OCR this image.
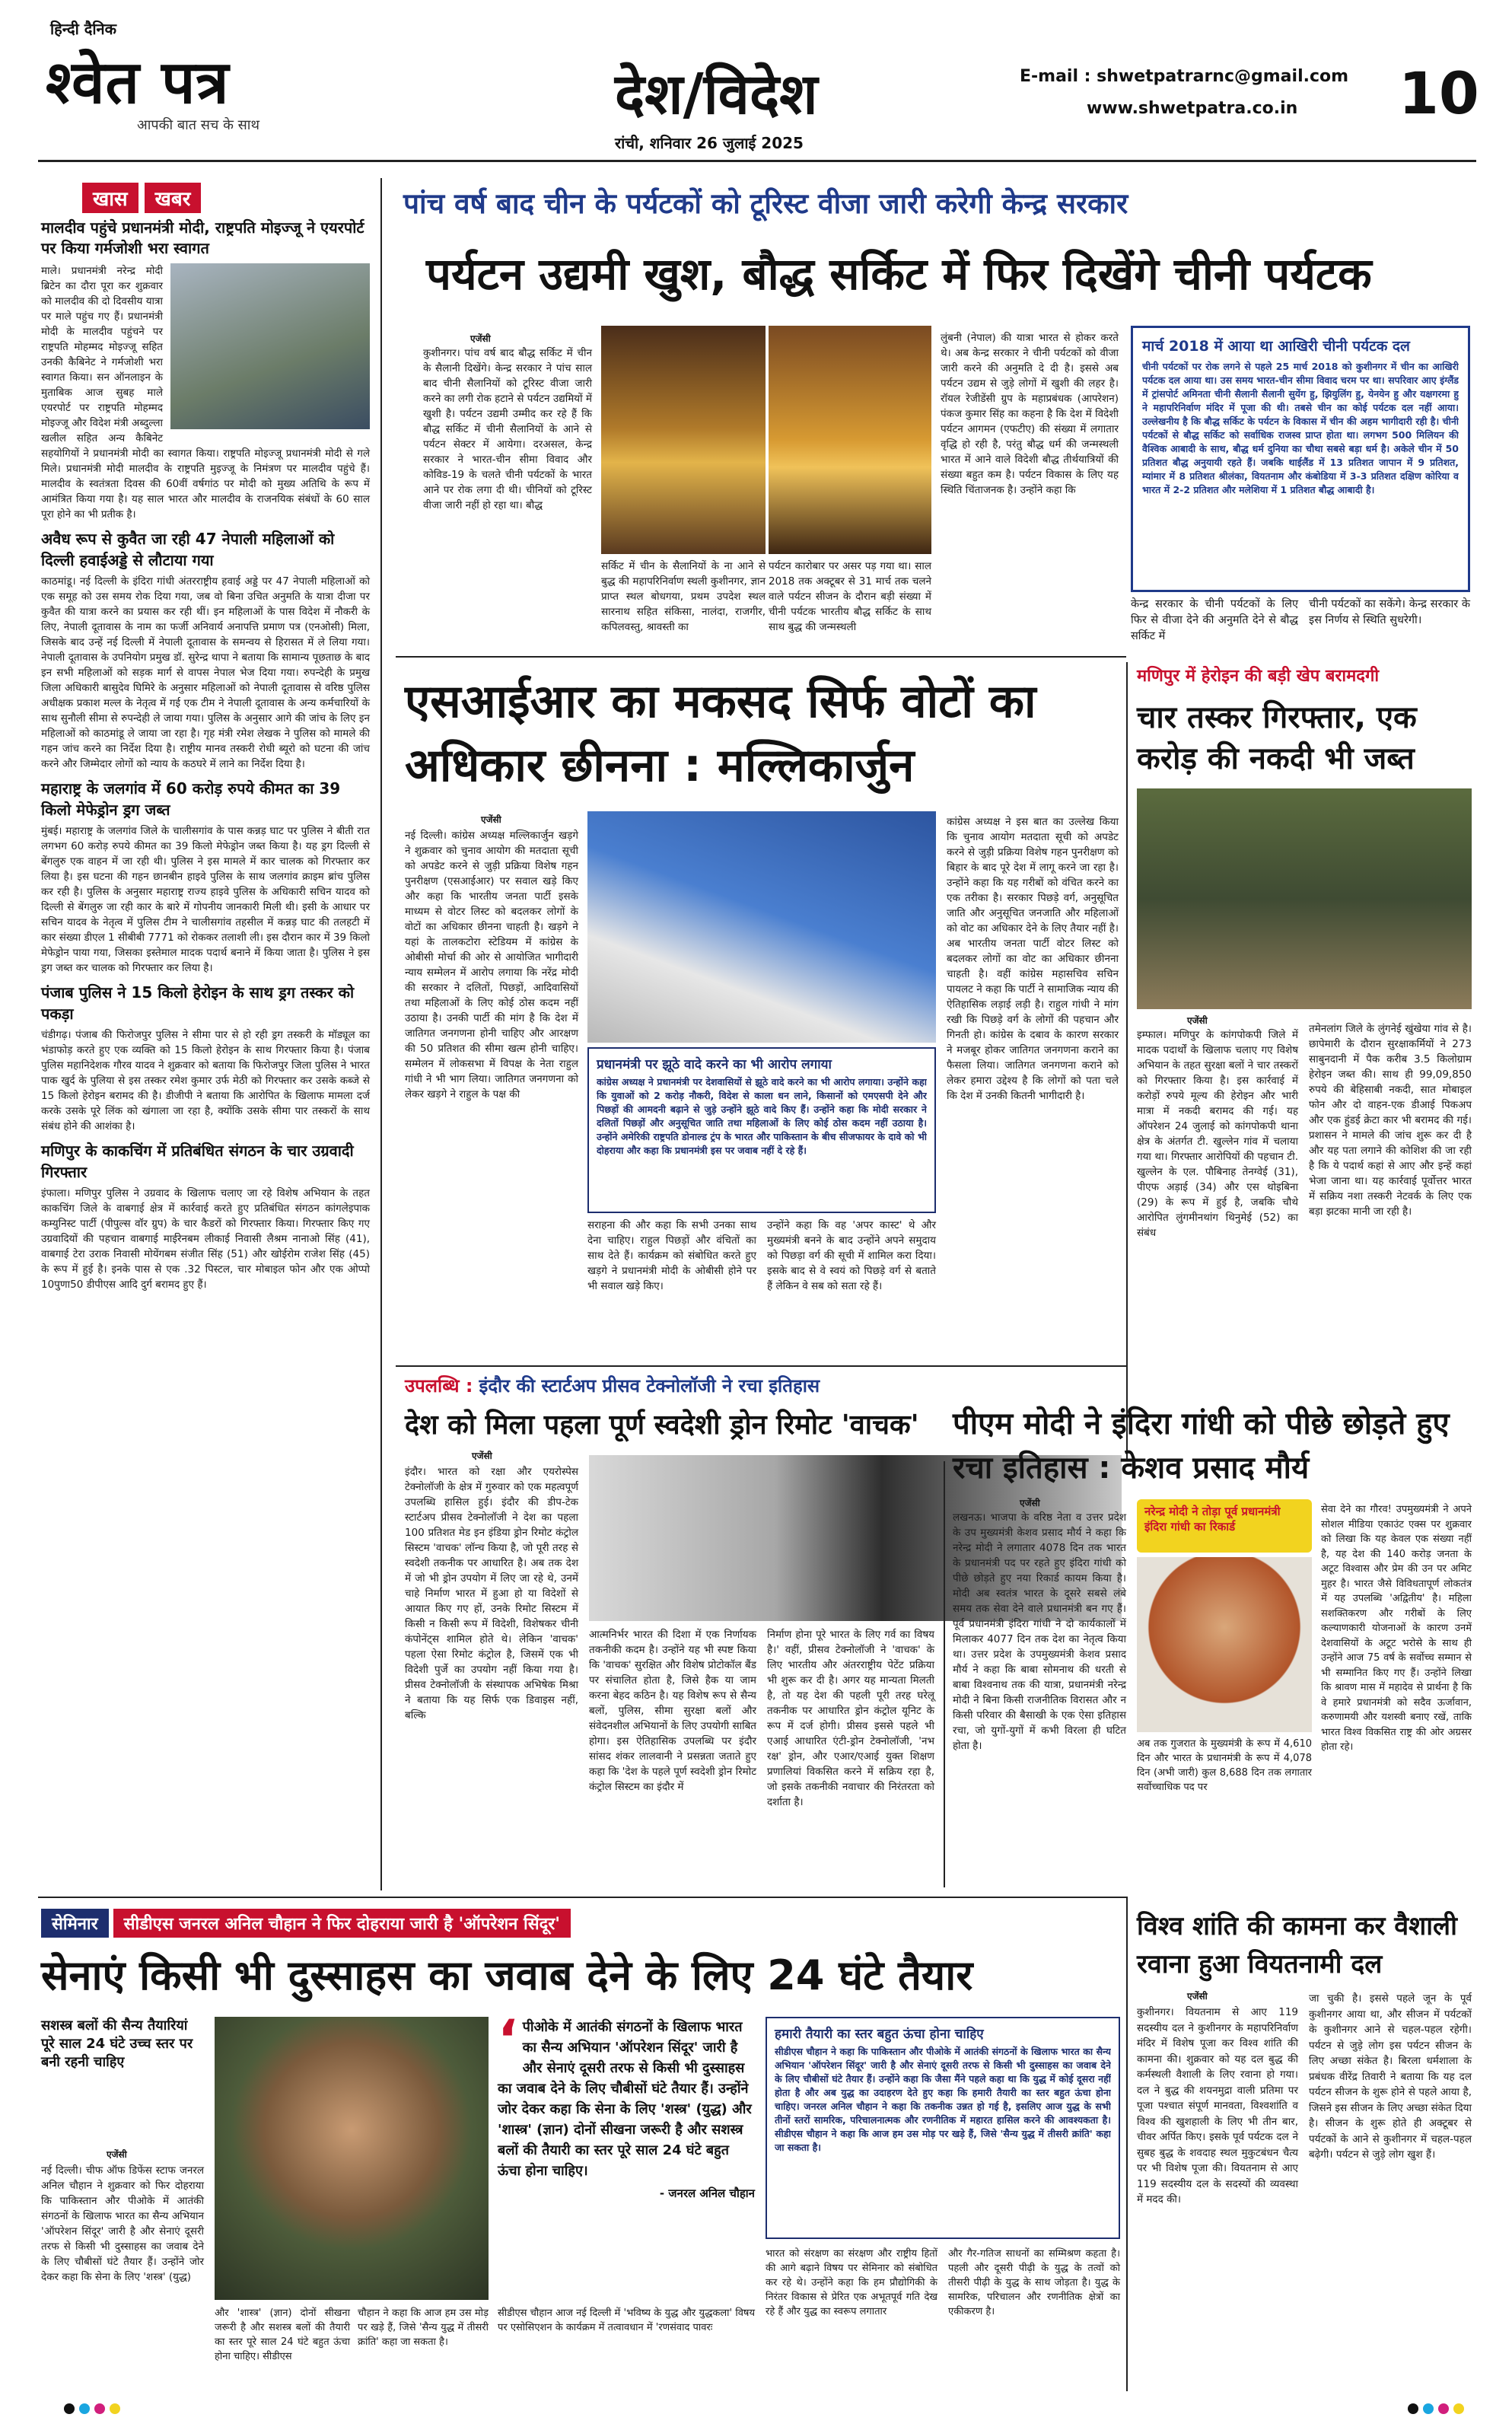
हिन्दी दैनिक
श्वेत पत्र
आपकी बात सच के साथ	देश/विदेश
रांची, शनिवार 26 जुलाई 2025
E-mail : shwetpatrarnc@gmail.com
www.shwetpatra.co.in 10
खास	खबर
मालदीव पहुंचे प्रधानमंत्री मोदी, राष्ट्रपति मोइज्जू ने एयरपोर्ट पर किया गर्मजोशी भरा स्वागत
माले। प्रधानमंत्री नरेन्द्र मोदी ब्रिटेन का दौरा पूरा कर शुक्रवार को मालदीव की दो दिवसीय यात्रा पर माले पहुंच गए हैं। प्रधानमंत्री मोदी के मालदीव पहुंचने पर राष्ट्रपति मोहम्मद मोइज्जू सहित उनकी कैबिनेट ने गर्मजोशी भरा स्वागत किया। सन ऑनलाइन के मुताबिक आज सुबह माले एयरपोर्ट पर राष्ट्रपति मोहम्मद मोइज्जू और विदेश मंत्री अब्दुल्ला खलील सहित अन्य कैबिनेट सहयोगियों ने प्रधानमंत्री मोदी का स्वागत किया। राष्ट्रपति मोइज्जू प्रधानमंत्री मोदी से गले मिले। प्रधानमंत्री मोदी मालदीव के राष्ट्रपति मुइज्जू के निमंत्रण पर मालदीव पहुंचे हैं। मालदीव के स्वतंत्रता दिवस की 60वीं वर्षगांठ पर मोदी को मुख्य अतिथि के रूप में आमंत्रित किया गया है। यह साल भारत और मालदीव के राजनयिक संबंधों के 60 साल पूरा होने का भी प्रतीक है।
अवैध रूप से कुवैत जा रही 47 नेपाली महिलाओं को दिल्ली हवाईअड्डे से लौटाया गया
काठमांडू। नई दिल्ली के इंदिरा गांधी अंतरराष्ट्रीय हवाई अड्डे पर 47 नेपाली महिलाओं को एक समूह को उस समय रोक दिया गया, जब वो बिना उचित अनुमति के यात्रा दीजा पर कुवैत की यात्रा करने का प्रयास कर रही थीं। इन महिलाओं के पास विदेश में नौकरी के लिए, नेपाली दूतावास के नाम का फर्जी अनिवार्य अनापत्ति प्रमाण पत्र (एनओसी) मिला, जिसके बाद उन्हें नई दिल्ली में नेपाली दूतावास के समन्वय से हिरासत में ले लिया गया। नेपाली दूतावास के उपनियोग प्रमुख डॉ. सुरेन्द्र थापा ने बताया कि सामान्य पूछताछ के बाद इन सभी महिलाओं को सड़क मार्ग से वापस नेपाल भेज दिया गया। रुपन्देही के प्रमुख जिला अधिकारी बासुदेव घिमिरे के अनुसार महिलाओं को नेपाली दूतावास से वरिष्ठ पुलिस अधीक्षक प्रकाश मल्ल के नेतृत्व में गई एक टीम ने नेपाली दूतावास के अन्य कर्मचारियों के साथ सुनौली सीमा से रुपन्देही ले जाया गया। पुलिस के अनुसार आगे की जांच के लिए इन महिलाओं को काठमांडू ले जाया जा रहा है। गृह मंत्री रमेश लेखक ने पुलिस को मामले की गहन जांच करने का निर्देश दिया है। राष्ट्रीय मानव तस्करी रोधी ब्यूरो को घटना की जांच करने और जिम्मेदार लोगों को न्याय के कठघरे में लाने का निर्देश दिया है।
महाराष्ट्र के जलगांव में 60 करोड़ रुपये कीमत का 39 किलो मेफेड्रोन ड्रग जब्त
मुंबई। महाराष्ट्र के जलगांव जिले के चालीसगांव के पास कन्नड़ घाट पर पुलिस ने बीती रात लगभग 60 करोड़ रुपये कीमत का 39 किलो मेफेड्रोन जब्त किया है। यह ड्रग दिल्ली से बेंगलुरु एक वाहन में जा रही थी। पुलिस ने इस मामले में कार चालक को गिरफ्तार कर लिया है। इस घटना की गहन छानबीन हाइवे पुलिस के साथ जलगांव क्राइम ब्रांच पुलिस कर रही है। पुलिस के अनुसार महाराष्ट्र राज्य हाइवे पुलिस के अधिकारी सचिन यादव को दिल्ली से बेंगलुरु जा रही कार के बारे में गोपनीय जानकारी मिली थी। इसी के आधार पर सचिन यादव के नेतृत्व में पुलिस टीम ने चालीसगांव तहसील में कन्नड़ घाट की तलहटी में कार संख्या डीएल 1 सीबीबी 7771 को रोककर तलाशी ली। इस दौरान कार में 39 किलो मेफेड्रोन पाया गया, जिसका इस्तेमाल मादक पदार्थ बनाने में किया जाता है। पुलिस ने इस ड्रग जब्त कर चालक को गिरफ्तार कर लिया है।
पंजाब पुलिस ने 15 किलो हेरोइन के साथ ड्रग तस्कर को पकड़ा
चंडीगढ़। पंजाब की फिरोजपुर पुलिस ने सीमा पार से हो रही ड्रग तस्करी के मॉड्यूल का भंडाफोड़ करते हुए एक व्यक्ति को 15 किलो हेरोइन के साथ गिरफ्तार किया है। पंजाब पुलिस महानिदेशक गौरव यादव ने शुक्रवार को बताया कि फिरोजपुर जिला पुलिस ने भारत पाक खुर्द के पुलिया से इस तस्कर रमेश कुमार उर्फ मेठी को गिरफ्तार कर उसके कब्जे से 15 किलो हेरोइन बरामद की है। डीजीपी ने बताया कि आरोपित के खिलाफ मामला दर्ज करके उसके पूरे लिंक को खंगाला जा रहा है, क्योंकि उसके सीमा पार तस्करों के साथ संबंध होने की आशंका है।
मणिपुर के काकचिंग में प्रतिबंधित संगठन के चार उग्रवादी गिरफ्तार
इंफाला। मणिपुर पुलिस ने उग्रवाद के खिलाफ चलाए जा रहे विशेष अभियान के तहत काकचिंग जिले के वाबगाई क्षेत्र में कार्रवाई करते हुए प्रतिबंधित संगठन कांगलेइपाक कम्युनिस्ट पार्टी (पीपुल्स वॉर ग्रुप) के चार कैडरों को गिरफ्तार किया। गिरफ्तार किए गए उग्रवादियों की पहचान वाबगाई माईरेनबम लीकाई निवासी लैश्रम नानाओ सिंह (41), वाबगाई टेरा उराक निवासी मोयेंगबम संजीत सिंह (51) और खोईरोम राजेश सिंह (45) के रूप में हुई है। इनके पास से एक .32 पिस्टल, चार मोबाइल फोन और एक ओप्पो 10पुणा50 डीपीएस आदि दुर्ग बरामद हुए हैं।
पांच वर्ष बाद चीन के पर्यटकों को टूरिस्ट वीजा जारी करेगी केन्द्र सरकार
पर्यटन उद्यमी खुश, बौद्ध सर्किट में फिर दिखेंगे चीनी पर्यटक
सर्किट में चीन के सैलानियों के ना आने से बुद्ध की महापरिनिर्वाण स्थली कुशीनगर, ज्ञान प्राप्त स्थल बोधगया, प्रथम उपदेश स्थल सारनाथ सहित संकिसा, नालंदा, राजगीर, कपिलवस्तु, श्रावस्ती का
एजेंसी
पर्यटन कारोबार पर असर पड़ गया था। साल 2018 तक अक्टूबर से 31 मार्च तक चलने वाले पर्यटन सीजन के दौरान बड़ी संख्या में चीनी पर्यटक भारतीय बौद्ध सर्किट के साथ साथ बुद्ध की जन्मस्थली
लुंबनी (नेपाल) की यात्रा भारत से होकर करते थे। अब केन्द्र सरकार ने चीनी पर्यटकों को वीजा जारी करने की अनुमति दे दी है। इससे अब पर्यटन उद्यम से जुड़े लोगों में खुशी की लहर है। रॉयल रेजीडेंसी ग्रुप के महाप्रबंधक (आपरेशन) पंकज कुमार सिंह का कहना है कि देश में विदेशी पर्यटन आगमन (एफटीए) की संख्या में लगातार वृद्धि हो रही है, परंतु बौद्ध धर्म की जन्मस्थली भारत में आने वाले विदेशी बौद्ध तीर्थयात्रियों की संख्या बहुत कम है। पर्यटन विकास के लिए यह स्थिति चिंताजनक है। उन्होंने कहा कि
मार्च 2018 में आया था आखिरी चीनी पर्यटक दल
चीनी पर्यटकों पर रोक लगने से पहले 25 मार्च 2018 को कुशीनगर में चीन का आखिरी पर्यटक दल आया था। उस समय भारत-चीन सीमा विवाद चरम पर था। सपरिवार आए इंग्लैंड में ट्रांसपोर्ट अमिनता चीनी सैलानी सैलानी सुयेंग हु, झियुलिंग हु, येनयेन हु और यक्षगरमा हु ने महापरिनिर्वाण मंदिर में पूजा की थी। तबसे चीन का कोई पर्यटक दल नहीं आया। उल्लेखनीय है कि बौद्ध सर्किट के पर्यटन के विकास में चीन की अहम भागीदारी रही है। चीनी पर्यटकों से बौद्ध सर्किट को सर्वाधिक राजस्व प्राप्त होता था। लगभग 500 मिलियन की वैश्विक आबादी के साथ, बौद्ध धर्म दुनिया का चौथा सबसे बड़ा धर्म है। अकेले चीन में 50 प्रतिशत बौद्ध अनुयायी रहते हैं। जबकि थाईलैंड में 13 प्रतिशत जापान में 9 प्रतिशत, म्यांमार में 8 प्रतिशत श्रीलंका, वियतनाम और कंबोडिया में 3-3 प्रतिशत दक्षिण कोरिया व भारत में 2-2 प्रतिशत और मलेशिया में 1 प्रतिशत बौद्ध आबादी है।
केन्द्र सरकार के चीनी पर्यटकों के लिए फिर से वीजा देने की अनुमति देने से बौद्ध सर्किट में
चीनी पर्यटकों का सकेंगे। केन्द्र सरकार के इस निर्णय से स्थिति सुधरेगी।
मणिपुर में हेरोइन की बड़ी खेप बरामदगी
चार तस्कर गिरफ्तार, एक करोड़ की नकदी भी जब्त
एजेंसी
इम्फाल। मणिपुर के कांगपोकपी जिले में मादक पदार्थों के खिलाफ चलाए गए विशेष अभियान के तहत सुरक्षा बलों ने चार तस्करों को गिरफ्तार किया है। इस कार्रवाई में करोड़ों रुपये मूल्य की हेरोइन और भारी मात्रा में नकदी बरामद की गई। यह ऑपरेशन 24 जुलाई को कांगपोकपी थाना क्षेत्र के अंतर्गत टी. खुल्लेन गांव में चलाया गया था। गिरफ्तार आरोपियों की पहचान टी. खुल्लेन के एल. पौबिनाह तेनग्वेई (31), पीएफ अड़ाई (34) और एस थोइबिना (29) के रूप में हुई है, जबकि चौथे आरोपित लुंगमीनथांग थिनुमेई (52) का संबंध
तमेनलांग जिले के लुंगनेई खुंखेया गांव से है। छापेमारी के दौरान सुरक्षाकर्मियों ने 273 साबुनदानी में पैक करीब 3.5 किलोग्राम हेरोइन जब्त की। साथ ही 99,09,850 रुपये की बेहिसाबी नकदी, सात मोबाइल फोन और दो वाहन-एक डीआई पिकअप और एक हुंडई क्रेटा कार भी बरामद की गई। प्रशासन ने मामले की जांच शुरू कर दी है और यह पता लगाने की कोशिश की जा रही है कि ये पदार्थ कहां से आए और इन्हें कहां भेजा जाना था। यह कार्रवाई पूर्वोत्तर भारत में सक्रिय नशा तस्करी नेटवर्क के लिए एक बड़ा झटका मानी जा रही है।
एसआईआर का मकसद सिर्फ वोटों का अधिकार छीनना : मल्लिकार्जुन
एजेंसी
नई दिल्ली। कांग्रेस अध्यक्ष मल्लिकार्जुन खड़गे ने शुक्रवार को चुनाव आयोग की मतदाता सूची को अपडेट करने से जुड़ी प्रक्रिया विशेष गहन पुनरीक्षण (एसआईआर) पर सवाल खड़े किए और कहा कि भारतीय जनता पार्टी इसके माध्यम से वोटर लिस्ट को बदलकर लोगों के वोटों का अधिकार छीनना चाहती है। खड़गे ने यहां के तालकटोरा स्टेडियम में कांग्रेस के ओबीसी मोर्चा की ओर से आयोजित भागीदारी न्याय सम्मेलन में आरोप लगाया कि नरेंद्र मोदी की सरकार ने दलितों, पिछड़ों, आदिवासियों तथा महिलाओं के लिए कोई ठोस कदम नहीं उठाया है। उनकी पार्टी की मांग है कि देश में जातिगत जनगणना होनी चाहिए और आरक्षण की 50 प्रतिशत की सीमा खत्म होनी चाहिए। सम्मेलन में लोकसभा में विपक्ष के नेता राहुल गांधी ने भी भाग लिया। जातिगत जनगणना को लेकर खड़गे ने राहुल के पक्ष की
प्रधानमंत्री पर झूठे वादे करने का भी आरोप लगाया
कांग्रेस अध्यक्ष ने प्रधानमंत्री पर देशवासियों से झूठे वादे करने का भी आरोप लगाया। उन्होंने कहा कि युवाओं को 2 करोड़ नौकरी, विदेश से काला धन लाने, किसानों को एमएसपी देने और पिछड़ों की आमदनी बढ़ाने से जुड़े उन्होंने झूठे वादे किए हैं। उन्होंने कहा कि मोदी सरकार ने दलितों पिछड़ों और अनुसूचित जाति तथा महिलाओं के लिए कोई ठोस कदम नहीं उठाया है। उन्होंने अमेरिकी राष्ट्रपति डोनाल्ड ट्रंप के भारत और पाकिस्तान के बीच सीजफायर के दावे को भी दोहराया और कहा कि प्रधानमंत्री इस पर जवाब नहीं दे रहे हैं।
सराहना की और कहा कि सभी उनका साथ देना चाहिए। राहुल पिछड़ों और वंचितों का साथ देते हैं। कार्यक्रम को संबोधित करते हुए खड़गे ने प्रधानमंत्री मोदी के ओबीसी होने पर भी सवाल खड़े किए।
उन्होंने कहा कि वह 'अपर कास्ट' थे और मुख्यमंत्री बनने के बाद उन्होंने अपने समुदाय को पिछड़ा वर्ग की सूची में शामिल करा दिया। इसके बाद से वे स्वयं को पिछड़े वर्ग से बताते हैं लेकिन वे सब को सता रहे हैं।
कांग्रेस अध्यक्ष ने इस बात का उल्लेख किया कि चुनाव आयोग मतदाता सूची को अपडेट करने से जुड़ी प्रक्रिया विशेष गहन पुनरीक्षण को बिहार के बाद पूरे देश में लागू करने जा रहा है। उन्होंने कहा कि यह गरीबों को वंचित करने का एक तरीका है। सरकार पिछड़े वर्ग, अनुसूचित जाति और अनुसूचित जनजाति और महिलाओं को वोट का अधिकार देने के लिए तैयार नहीं है। अब भारतीय जनता पार्टी वोटर लिस्ट को बदलकर लोगों का वोट का अधिकार छीनना चाहती है। वहीं कांग्रेस महासचिव सचिन पायलट ने कहा कि पार्टी ने सामाजिक न्याय की ऐतिहासिक लड़ाई लड़ी है। राहुल गांधी ने मांग रखी कि पिछड़े वर्ग के लोगों की पहचान और गिनती हो। कांग्रेस के दबाव के कारण सरकार ने मजबूर होकर जातिगत जनगणना कराने का फैसला लिया। जातिगत जनगणना कराने को लेकर हमारा उद्देश्य है कि लोगों को पता चले कि देश में उनकी कितनी भागीदारी है।
उपलब्धि : इंदौर की स्टार्टअप प्रीसव टेक्नोलॉजी ने रचा इतिहास
देश को मिला पहला पूर्ण स्वदेशी ड्रोन रिमोट 'वाचक'
एजेंसी
इंदौर। भारत को रक्षा और एयरोस्पेस टेक्नोलॉजी के क्षेत्र में गुरुवार को एक महत्वपूर्ण उपलब्धि हासिल हुई। इंदौर की डीप-टेक स्टार्टअप प्रीसव टेक्नोलॉजी ने देश का पहला 100 प्रतिशत मेड इन इंडिया ड्रोन रिमोट कंट्रोल सिस्टम 'वाचक' लॉन्च किया है, जो पूरी तरह से स्वदेशी तकनीक पर आधारित है। अब तक देश में जो भी ड्रोन उपयोग में लिए जा रहे थे, उनमें चाहे निर्माण भारत में हुआ हो या विदेशों से आयात किए गए हों, उनके रिमोट सिस्टम में किसी न किसी रूप में विदेशी, विशेषकर चीनी कंपोनेंट्स शामिल होते थे। लेकिन 'वाचक' पहला ऐसा रिमोट कंट्रोल है, जिसमें एक भी विदेशी पुर्जे का उपयोग नहीं किया गया है। प्रीसव टेक्नोलॉजी के संस्थापक अभिषेक मिश्रा ने बताया कि यह सिर्फ एक डिवाइस नहीं, बल्कि
आत्मनिर्भर भारत की दिशा में एक निर्णायक तकनीकी कदम है। उन्होंने यह भी स्पष्ट किया कि 'वाचक' सुरक्षित और विशेष प्रोटोकॉल बैंड पर संचालित होता है, जिसे हैक या जाम करना बेहद कठिन है। यह विशेष रूप से सैन्य बलों, पुलिस, सीमा सुरक्षा बलों और संवेदनशील अभियानों के लिए उपयोगी साबित होगा। इस ऐतिहासिक उपलब्धि पर इंदौर सांसद शंकर लालवानी ने प्रसन्नता जताते हुए कहा कि 'देश के पहले पूर्ण स्वदेशी ड्रोन रिमोट कंट्रोल सिस्टम का इंदौर में
निर्माण होना पूरे भारत के लिए गर्व का विषय है।' वहीं, प्रीसव टेक्नोलॉजी ने 'वाचक' के लिए भारतीय और अंतरराष्ट्रीय पेटेंट प्रक्रिया भी शुरू कर दी है। अगर यह मान्यता मिलती है, तो यह देश की पहली पूरी तरह घरेलू तकनीक पर आधारित ड्रोन कंट्रोल यूनिट के रूप में दर्ज होगी। प्रीसव इससे पहले भी एआई आधारित एंटी-ड्रोन टेक्नोलॉजी, 'नभ रक्ष' ड्रोन, और एआर/एआई युक्त शिक्षण प्रणालियां विकसित करने में सक्रिय रहा है, जो इसके तकनीकी नवाचार की निरंतरता को दर्शाता है।
पीएम मोदी ने इंदिरा गांधी को पीछे छोड़ते हुए रचा इतिहास : केशव प्रसाद मौर्य
एजेंसी
लखनऊ। भाजपा के वरिष्ठ नेता व उत्तर प्रदेश के उप मुख्यमंत्री केशव प्रसाद मौर्य ने कहा कि नरेन्द्र मोदी ने लगातार 4078 दिन तक भारत के प्रधानमंत्री पद पर रहते हुए इंदिरा गांधी को पीछे छोड़ते हुए नया रिकार्ड कायम किया है। मोदी अब स्वतंत्र भारत के दूसरे सबसे लंबे समय तक सेवा देने वाले प्रधानमंत्री बन गए हैं। पूर्व प्रधानमंत्री इंदिरा गांधी ने दो कार्यकालों में मिलाकर 4077 दिन तक देश का नेतृत्व किया था। उत्तर प्रदेश के उपमुख्यमंत्री केशव प्रसाद मौर्य ने कहा कि बाबा सोमनाथ की धरती से बाबा विश्वनाथ तक की यात्रा, प्रधानमंत्री नरेन्द्र मोदी ने बिना किसी राजनीतिक विरासत और न किसी परिवार की बैसाखी के एक ऐसा इतिहास रचा, जो युगों-युगों में कभी विरला ही घटित होता है।
नरेन्द्र मोदी ने तोड़ा पूर्व प्रधानमंत्री इंदिरा गांधी का रिकार्ड
अब तक गुजरात के मुख्यमंत्री के रूप में 4,610 दिन और भारत के प्रधानमंत्री के रूप में 4,078 दिन (अभी जारी) कुल 8,688 दिन तक लगातार सर्वोच्चाधिक पद पर
सेवा देने का गौरव! उपमुख्यमंत्री ने अपने सोशल मीडिया एकाउंट एक्स पर शुक्रवार को लिखा कि यह केवल एक संख्या नहीं है, यह देश की 140 करोड़ जनता के अटूट विश्वास और प्रेम की उन पर अमिट मुहर है। भारत जैसे विविधतापूर्ण लोकतंत्र में यह उपलब्धि 'अद्वितीय' है। महिला सशक्तिकरण और गरीबों के लिए कल्याणकारी योजनाओं के कारण उनमें देशवासियों के अटूट भरोसे के साथ ही उन्होंने आज 75 वर्ष के सर्वोच्च सम्मान से भी सम्मानित किए गए हैं। उन्होंने लिखा कि श्रावण मास में महादेव से प्रार्थना है कि वे हमारे प्रधानमंत्री को सदैव ऊर्जावान, करुणामयी और यशस्वी बनाए रखें, ताकि भारत विश्व विकसित राष्ट्र की ओर अग्रसर होता रहे।
सेमिनार	सीडीएस जनरल अनिल चौहान ने फिर दोहराया जारी है 'ऑपरेशन सिंदूर'
सेनाएं किसी भी दुस्साहस का जवाब देने के लिए 24 घंटे तैयार
सशस्त्र बलों की सैन्य तैयारियां पूरे साल 24 घंटे उच्च स्तर पर बनी रहनी चाहिए
एजेंसी
नई दिल्ली। चीफ ऑफ डिफेंस स्टाफ जनरल अनिल चौहान ने शुक्रवार को फिर दोहराया कि पाकिस्तान और पीओके में आतंकी संगठनों के खिलाफ भारत का सैन्य अभियान 'ऑपरेशन सिंदूर' जारी है और सेनाएं दूसरी तरफ से किसी भी दुस्साहस का जवाब देने के लिए चौबीसों घंटे तैयार हैं। उन्होंने जोर देकर कहा कि सेना के लिए 'शस्त्र' (युद्ध)
‘ पीओके में आतंकी संगठनों के खिलाफ भारत का सैन्य अभियान 'ऑपरेशन सिंदूर' जारी है और सेनाएं दूसरी तरफ से किसी भी दुस्साहस का जवाब देने के लिए चौबीसों घंटे तैयार हैं। उन्होंने जोर देकर कहा कि सेना के लिए 'शस्त्र' (युद्ध) और 'शास्त्र' (ज्ञान) दोनों सीखना जरूरी है और सशस्त्र बलों की तैयारी का स्तर पूरे साल 24 घंटे बहुत ऊंचा होना चाहिए।
- जनरल अनिल चौहान
हमारी तैयारी का स्तर बहुत ऊंचा होना चाहिए
सीडीएस चौहान ने कहा कि पाकिस्तान और पीओके में आतंकी संगठनों के खिलाफ भारत का सैन्य अभियान 'ऑपरेशन सिंदूर' जारी है और सेनाएं दूसरी तरफ से किसी भी दुस्साहस का जवाब देने के लिए चौबीसों घंटे तैयार हैं। उन्होंने कहा कि जैसा मैंने पहले कहा था कि युद्ध में कोई दूसरा नहीं होता है और अब युद्ध का उदाहरण देते हुए कहा कि हमारी तैयारी का स्तर बहुत ऊंचा होना चाहिए। जनरल अनिल चौहान ने कहा कि तकनीक उन्नत हो गई है, इसलिए आज युद्ध के सभी तीनों स्तरों सामरिक, परिचालनात्मक और रणनीतिक में महारत हासिल करने की आवश्यकता है। सीडीएस चौहान ने कहा कि आज हम उस मोड़ पर खड़े हैं, जिसे 'सैन्य युद्ध में तीसरी क्रांति' कहा जा सकता है।
और 'शास्त्र' (ज्ञान) दोनों सीखना जरूरी है और सशस्त्र बलों की तैयारी का स्तर पूरे साल 24 घंटे बहुत ऊंचा होना चाहिए। सीडीएस
चौहान ने कहा कि आज हम उस मोड़ पर खड़े हैं, जिसे 'सैन्य युद्ध में तीसरी क्रांति' कहा जा सकता है।
सीडीएस चौहान आज नई दिल्ली में 'भविष्य के युद्ध और युद्धकला' विषय पर एसोसिएशन के कार्यक्रम में तत्वावधान में 'रणसंवाद पावरः
भारत को संरक्षण का संरक्षण और राष्ट्रीय हितों की आगे बढ़ाने विषय पर सेमिनार को संबोधित कर रहे थे। उन्होंने कहा कि हम प्रौद्योगिकी के निरंतर विकास से प्रेरित एक अभूतपूर्व गति देख रहे हैं और युद्ध का स्वरूप लगातार
और गैर-गतिज साधनों का सम्मिश्रण कहता है। पहली और दूसरी पीढ़ी के युद्ध के तत्वों को तीसरी पीढ़ी के युद्ध के साथ जोड़ता है। युद्ध के सामरिक, परिचालन और रणनीतिक क्षेत्रों का एकीकरण है।
विश्व शांति की कामना कर वैशाली रवाना हुआ वियतनामी दल
एजेंसी
कुशीनगर। वियतनाम से आए 119 सदस्यीय दल ने कुशीनगर के महापरिनिर्वाण मंदिर में विशेष पूजा कर विश्व शांति की कामना की। शुक्रवार को यह दल बुद्ध की कर्मस्थली वैशाली के लिए रवाना हो गया। दल ने बुद्ध की शयनमुद्रा वाली प्रतिमा पर पूजा पश्चात संपूर्ण मानवता, विश्वशांति व विश्व की खुशहाली के लिए भी तीन बार, चीवर अर्पित किए। इसके पूर्व पर्यटक दल ने सुबह बुद्ध के शवदाह स्थल मुकुटबंधन चैत्य पर भी विशेष पूजा की। वियतनाम से आए 119 सदस्यीय दल के सदस्यों की व्यवस्था में मदद की।
जा चुकी है। इससे पहले जून के पूर्व कुशीनगर आया था, और सीजन में पर्यटकों के कुशीनगर आने से चहल-पहल रहेगी। पर्यटन से जुड़े लोग इस पर्यटन सीजन के लिए अच्छा संकेत है। बिरला धर्मशाला के प्रबंधक वीरेंद्र तिवारी ने बताया कि यह दल पर्यटन सीजन के शुरू होने से पहले आया है, जिसने इस सीजन के लिए अच्छा संकेत दिया है। सीजन के शुरू होते ही अक्टूबर से पर्यटकों के आने से कुशीनगर में चहल-पहल बढ़ेगी। पर्यटन से जुड़े लोग खुश हैं।
कुशीनगर। पांच वर्ष बाद बौद्ध सर्किट में चीन के सैलानी दिखेंगे। केन्द्र सरकार ने पांच साल बाद चीनी सैलानियों को टूरिस्ट वीजा जारी करने का लगी रोक हटाने से पर्यटन उद्यमियों में खुशी है। पर्यटन उद्यमी उम्मीद कर रहे हैं कि बौद्ध सर्किट में चीनी सैलानियों के आने से पर्यटन सेक्टर में आयेगा। दरअसल, केन्द्र सरकार ने भारत-चीन सीमा विवाद और कोविड-19 के चलते चीनी पर्यटकों के भारत आने पर रोक लगा दी थी। चीनियों को टूरिस्ट वीजा जारी नहीं हो रहा था। बौद्ध
